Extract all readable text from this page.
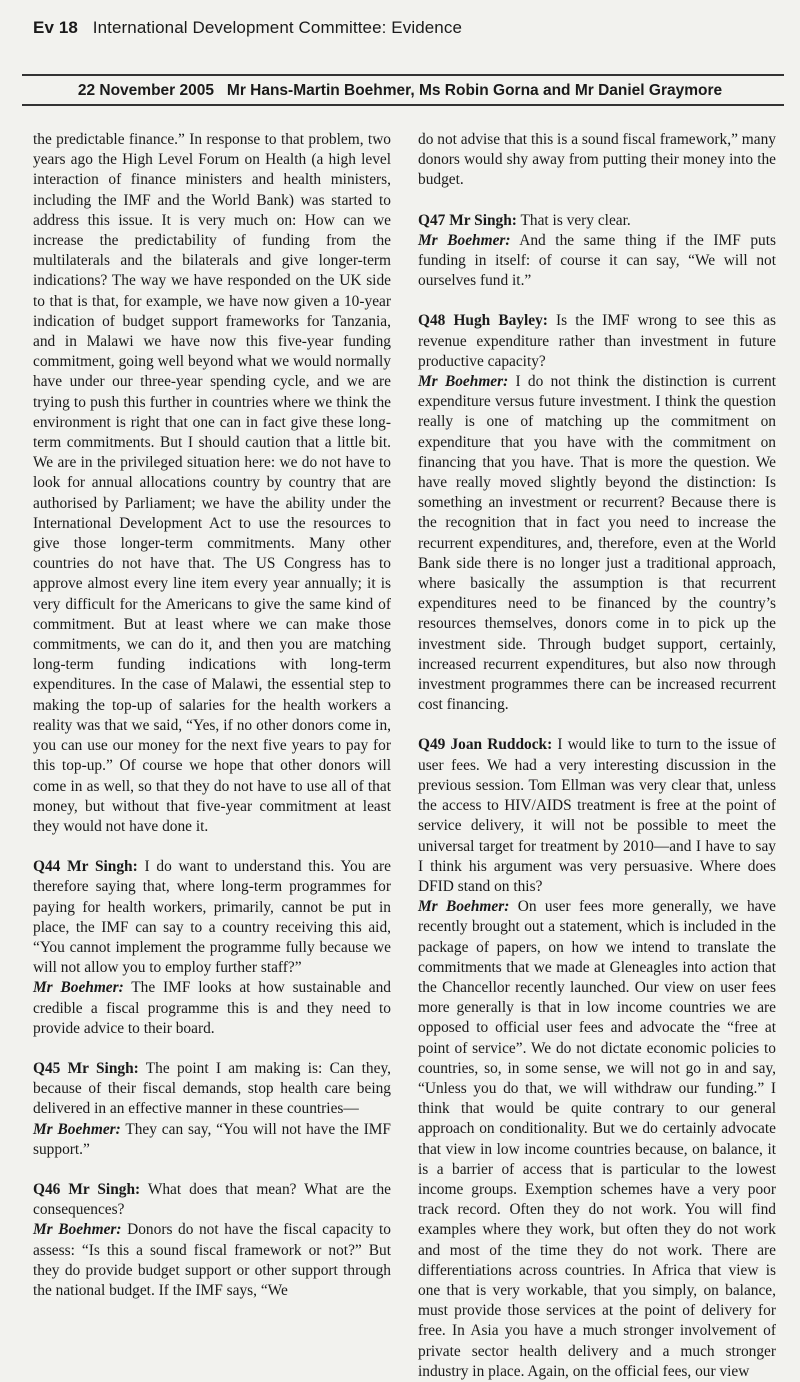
Ev 18 International Development Committee: Evidence
22 November 2005   Mr Hans-Martin Boehmer, Ms Robin Gorna and Mr Daniel Graymore

the predictable finance.” In response to that problem, two years ago the High Level Forum on Health (a high level interaction of finance ministers and health ministers, including the IMF and the World Bank) was started to address this issue. It is very much on: How can we increase the predictability of funding from the multilaterals and the bilaterals and give longer-term indications? The way we have responded on the UK side to that is that, for example, we have now given a 10-year indication of budget support frameworks for Tanzania, and in Malawi we have now this five-year funding commitment, going well beyond what we would normally have under our three-year spending cycle, and we are trying to push this further in countries where we think the environment is right that one can in fact give these long-term commitments. But I should caution that a little bit. We are in the privileged situation here: we do not have to look for annual allocations country by country that are authorised by Parliament; we have the ability under the International Development Act to use the resources to give those longer-term commitments. Many other countries do not have that. The US Congress has to approve almost every line item every year annually; it is very difficult for the Americans to give the same kind of commitment. But at least where we can make those commitments, we can do it, and then you are matching long-term funding indications with long-term expenditures. In the case of Malawi, the essential step to making the top-up of salaries for the health workers a reality was that we said, “Yes, if no other donors come in, you can use our money for the next five years to pay for this top-up.” Of course we hope that other donors will come in as well, so that they do not have to use all of that money, but without that five-year commitment at least they would not have done it.

Q44 Mr Singh: I do want to understand this. You are therefore saying that, where long-term programmes for paying for health workers, primarily, cannot be put in place, the IMF can say to a country receiving this aid, “You cannot implement the programme fully because we will not allow you to employ further staff?”

Mr Boehmer: The IMF looks at how sustainable and credible a fiscal programme this is and they need to provide advice to their board.

Q45 Mr Singh: The point I am making is: Can they, because of their fiscal demands, stop health care being delivered in an effective manner in these countries—

Mr Boehmer: They can say, “You will not have the IMF support.”

Q46 Mr Singh: What does that mean? What are the consequences?

Mr Boehmer: Donors do not have the fiscal capacity to assess: “Is this a sound fiscal framework or not?” But they do provide budget support or other support through the national budget. If the IMF says, “We

do not advise that this is a sound fiscal framework,” many donors would shy away from putting their money into the budget.

Q47 Mr Singh: That is very clear.

Mr Boehmer: And the same thing if the IMF puts funding in itself: of course it can say, “We will not ourselves fund it.”

Q48 Hugh Bayley: Is the IMF wrong to see this as revenue expenditure rather than investment in future productive capacity?

Mr Boehmer: I do not think the distinction is current expenditure versus future investment. I think the question really is one of matching up the commitment on expenditure that you have with the commitment on financing that you have. That is more the question. We have really moved slightly beyond the distinction: Is something an investment or recurrent? Because there is the recognition that in fact you need to increase the recurrent expenditures, and, therefore, even at the World Bank side there is no longer just a traditional approach, where basically the assumption is that recurrent expenditures need to be financed by the country’s resources themselves, donors come in to pick up the investment side. Through budget support, certainly, increased recurrent expenditures, but also now through investment programmes there can be increased recurrent cost financing.

Q49 Joan Ruddock: I would like to turn to the issue of user fees. We had a very interesting discussion in the previous session. Tom Ellman was very clear that, unless the access to HIV/AIDS treatment is free at the point of service delivery, it will not be possible to meet the universal target for treatment by 2010—and I have to say I think his argument was very persuasive. Where does DFID stand on this?

Mr Boehmer: On user fees more generally, we have recently brought out a statement, which is included in the package of papers, on how we intend to translate the commitments that we made at Gleneagles into action that the Chancellor recently launched. Our view on user fees more generally is that in low income countries we are opposed to official user fees and advocate the “free at point of service”. We do not dictate economic policies to countries, so, in some sense, we will not go in and say, “Unless you do that, we will withdraw our funding.” I think that would be quite contrary to our general approach on conditionality. But we do certainly advocate that view in low income countries because, on balance, it is a barrier of access that is particular to the lowest income groups. Exemption schemes have a very poor track record. Often they do not work. You will find examples where they work, but often they do not work and most of the time they do not work. There are differentiations across countries. In Africa that view is one that is very workable, that you simply, on balance, must provide those services at the point of delivery for free. In Asia you have a much stronger involvement of private sector health delivery and a much stronger industry in place. Again, on the official fees, our view
